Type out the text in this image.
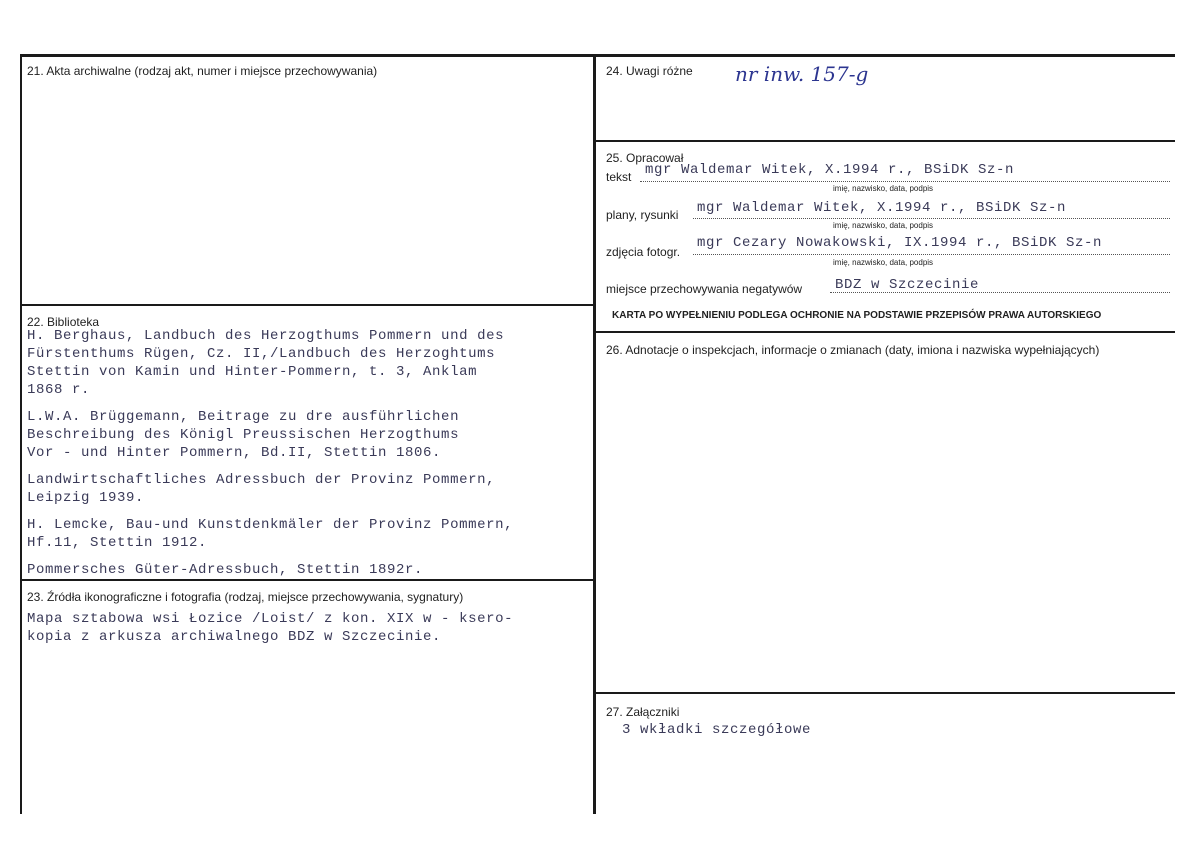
21. Akta archiwalne (rodzaj akt, numer i miejsce przechowywania)
22. Biblioteka
H. Berghaus, Landbuch des Herzogthums Pommern und des
Fürstenthums Rügen, Cz. II,/Landbuch des Herzoghtums
Stettin von Kamin und Hinter-Pommern, t. 3, Anklam
1868 r.
L.W.A. Brüggemann, Beitrage zu dre ausführlichen
Beschreibung des Königl Preussischen Herzogthums
Vor - und Hinter Pommern, Bd.II, Stettin 1806.
Landwirtschaftliches Adressbuch der Provinz Pommern,
Leipzig 1939.
H. Lemcke, Bau-und Kunstdenkmäler der Provinz Pommern,
Hf.11, Stettin 1912.
Pommersches Güter-Adressbuch, Stettin 1892r.
23. Źródła ikonograficzne i fotografia (rodzaj, miejsce przechowywania, sygnatury)
Mapa sztabowa wsi Łozice /Loist/ z kon. XIX w - ksero-
kopia z arkusza archiwalnego BDZ w Szczecinie.
24. Uwagi różne nr inw. 157-g
25. Opracował
tekst mgr Waldemar Witek, X.1994 r., BSiDK Sz-n
imię, nazwisko, data, podpis
plany, rysunki mgr Waldemar Witek, X.1994 r., BSiDK Sz-n
imię, nazwisko, data, podpis
zdjęcia fotogr.
mgr Cezary Nowakowski, IX.1994 r., BSiDK Sz-n
imię, nazwisko, data, podpis
miejsce przechowywania negatywów BDZ w Szczecinie
KARTA PO WYPEŁNIENIU PODLEGA OCHRONIE NA PODSTAWIE PRZEPISÓW PRAWA AUTORSKIEGO
26. Adnotacje o inspekcjach, informacje o zmianach (daty, imiona i nazwiska wypełniających)
27. Załączniki
3 wkładki szczegółowe
